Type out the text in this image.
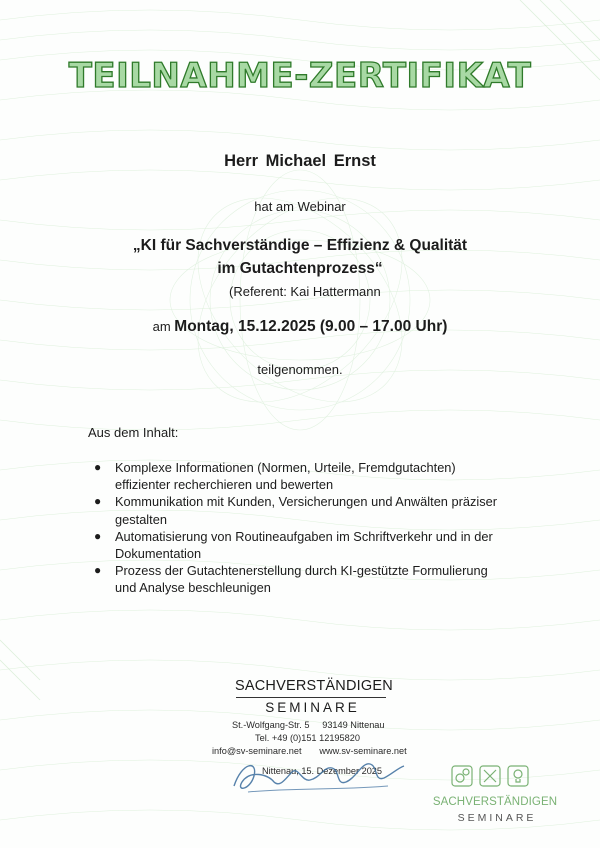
TEILNAHME-ZERTIFIKAT
Herr Michael Ernst
hat am Webinar
„KI für Sachverständige – Effizienz & Qualität
im Gutachtenprozess“
(Referent: Kai Hattermann
am Montag, 15.12.2025 (9.00 – 17.00 Uhr)
teilgenommen.
Aus dem Inhalt:
● Komplexe Informationen (Normen, Urteile, Fremdgutachten)
effizienter recherchieren und bewerten
● Kommunikation mit Kunden, Versicherungen und Anwälten präziser
gestalten
● Automatisierung von Routineaufgaben im Schriftverkehr und in der
Dokumentation
● Prozess der Gutachtenerstellung durch KI-gestützte Formulierung
und Analyse beschleunigen
SACHVERSTÄNDIGEN
SEMINARE
St.-Wolfgang-Str. 5     93149 Nittenau
Tel. +49 (0)151 12195820
info@sv-seminare.net       www.sv-seminare.net
Nittenau, 15. Dezember 2025
SACHVERSTÄNDIGEN
SEMINARE
